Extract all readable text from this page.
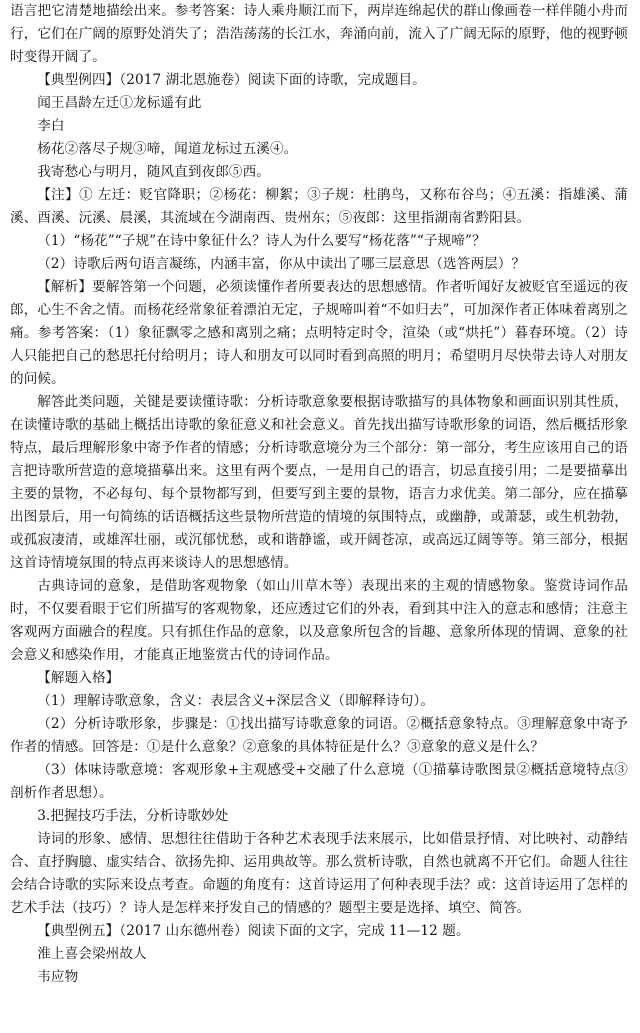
语言把它清楚地描绘出来。参考答案：诗人乘舟顺江而下，两岸连绵起伏的群山像画卷一样伴随小舟而行，它们在广阔的原野处消失了；浩浩荡荡的长江水，奔涌向前，流入了广阔无际的原野，他的视野顿时变得开阔了。

【典型例四】（2017 湖北恩施卷）阅读下面的诗歌，完成题目。

闻王昌龄左迁①龙标遥有此

李白

杨花②落尽子规③啼，闻道龙标过五溪④。

我寄愁心与明月，随风直到夜郎⑤西。

【注】① 左迁：贬官降职；②杨花：柳絮；③子规：杜鹃鸟，又称布谷鸟；④五溪：指雄溪、蒲溪、酉溪、沅溪、晨溪，其流域在今湖南西、贵州东；⑤夜郎：这里指湖南省黔阳县。

（1）“杨花”“子规”在诗中象征什么？诗人为什么要写“杨花落”“子规啼”？

（2）诗歌后两句语言凝练，内涵丰富，你从中读出了哪三层意思（选答两层）？

【解析】要解答第一个问题，必须读懂作者所要表达的思想感情。作者听闻好友被贬官至遥远的夜郎，心生不舍之情。而杨花经常象征着漂泊无定，子规啼叫着“不如归去”，可加深作者正体味着离别之痛。参考答案：（1）象征飘零之感和离别之痛；点明特定时令，渲染（或“烘托”）暮春环境。（2）诗人只能把自己的愁思托付给明月；诗人和朋友可以同时看到高照的明月；希望明月尽快带去诗人对朋友的问候。

解答此类问题，关键是要读懂诗歌：分析诗歌意象要根据诗歌描写的具体物象和画面识别其性质，在读懂诗歌的基础上概括出诗歌的象征意义和社会意义。首先找出描写诗歌形象的词语，然后概括形象特点，最后理解形象中寄予作者的情感；分析诗歌意境分为三个部分：第一部分，考生应该用自己的语言把诗歌所营造的意境描摹出来。这里有两个要点，一是用自己的语言，切忌直接引用；二是要描摹出主要的景物，不必每句、每个景物都写到，但要写到主要的景物，语言力求优美。第二部分，应在描摹出图景后，用一句简练的话语概括这些景物所营造的情境的氛围特点，或幽静，或萧瑟，或生机勃勃，或孤寂凄清，或雄浑壮丽，或沉郁忧愁，或和谐静谧，或开阔苍凉，或高远辽阔等等。第三部分，根据这首诗情境氛围的特点再来谈诗人的思想感情。

古典诗词的意象，是借助客观物象（如山川草木等）表现出来的主观的情感物象。鉴赏诗词作品时，不仅要看眼于它们所描写的客观物象，还应透过它们的外表，看到其中注入的意志和感情；注意主客观两方面融合的程度。只有抓住作品的意象，以及意象所包含的旨趣、意象所体现的情调、意象的社会意义和感染作用，才能真正地鉴赏古代的诗词作品。

【解题入格】

（1）理解诗歌意象，含义：表层含义+深层含义（即解释诗句）。

（2）分析诗歌形象，步骤是：①找出描写诗歌意象的词语。②概括意象特点。③理解意象中寄予作者的情感。回答是：①是什么意象？②意象的具体特征是什么？③意象的意义是什么？

（3）体味诗歌意境：客观形象+主观感受+交融了什么意境（①描摹诗歌图景②概括意境特点③剖析作者思想）。

3.把握技巧手法，分析诗歌妙处

诗词的形象、感情、思想往往借助于各种艺术表现手法来展示，比如借景抒情、对比映衬、动静结合、直抒胸臆、虚实结合、欲扬先抑、运用典故等。那么赏析诗歌，自然也就离不开它们。命题人往往会结合诗歌的实际来设点考查。命题的角度有：这首诗运用了何种表现手法？或：这首诗运用了怎样的艺术手法（技巧）？诗人是怎样来抒发自己的情感的？题型主要是选择、填空、简答。

【典型例五】（2017 山东德州卷）阅读下面的文字，完成 11—12 题。

淮上喜会梁州故人

韦应物
